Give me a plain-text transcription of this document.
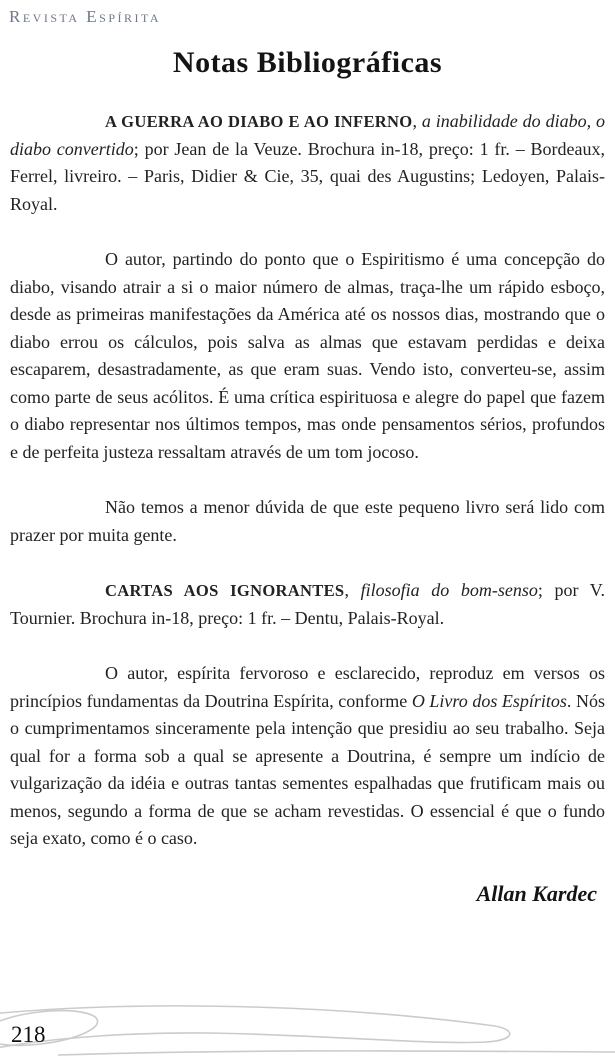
Revista Espírita
Notas Bibliográficas

A GUERRA AO DIABO E AO INFERNO, a inabilidade do diabo, o diabo convertido; por Jean de la Veuze. Brochura in-18, preço: 1 fr. – Bordeaux, Ferrel, livreiro. – Paris, Didier & Cie, 35, quai des Augustins; Ledoyen, Palais-Royal.

O autor, partindo do ponto que o Espiritismo é uma concepção do diabo, visando atrair a si o maior número de almas, traça-lhe um rápido esboço, desde as primeiras manifestações da América até os nossos dias, mostrando que o diabo errou os cálculos, pois salva as almas que estavam perdidas e deixa escaparem, desastradamente, as que eram suas. Vendo isto, converteu-se, assim como parte de seus acólitos. É uma crítica espirituosa e alegre do papel que fazem o diabo representar nos últimos tempos, mas onde pensamentos sérios, profundos e de perfeita justeza ressaltam através de um tom jocoso.

Não temos a menor dúvida de que este pequeno livro será lido com prazer por muita gente.

CARTAS AOS IGNORANTES, filosofia do bom-senso; por V. Tournier. Brochura in-18, preço: 1 fr. – Dentu, Palais-Royal.

O autor, espírita fervoroso e esclarecido, reproduz em versos os princípios fundamentas da Doutrina Espírita, conforme O Livro dos Espíritos. Nós o cumprimentamos sinceramente pela intenção que presidiu ao seu trabalho. Seja qual for a forma sob a qual se apresente a Doutrina, é sempre um indício de vulgarização da idéia e outras tantas sementes espalhadas que frutificam mais ou menos, segundo a forma de que se acham revestidas. O essencial é que o fundo seja exato, como é o caso.

Allan Kardec
218
